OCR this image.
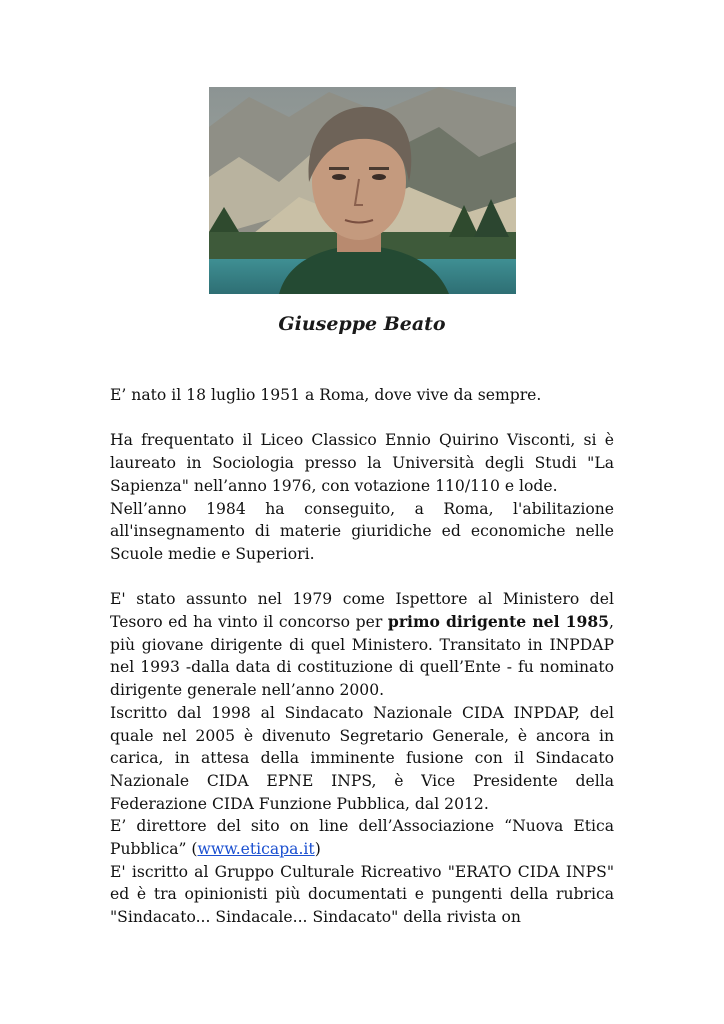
Giuseppe Beato

E’ nato il 18 luglio 1951 a Roma, dove vive da sempre.

Ha frequentato il Liceo Classico Ennio Quirino Visconti, si è laureato in Sociologia presso la Università degli Studi "La Sapienza" nell’anno 1976, con votazione 110/110 e lode.

Nell’anno 1984 ha conseguito, a Roma, l'abilitazione all'insegnamento di materie giuridiche ed economiche nelle Scuole medie e Superiori.

E' stato assunto nel 1979 come Ispettore al Ministero del Tesoro ed ha vinto il concorso per primo dirigente nel 1985, più giovane dirigente di quel Ministero. Transitato in INPDAP nel 1993 -dalla data di costituzione di quell’Ente - fu nominato dirigente generale nell’anno 2000.

Iscritto dal 1998 al Sindacato Nazionale CIDA INPDAP, del quale nel 2005 è divenuto Segretario Generale, è ancora in carica, in attesa della imminente fusione con il Sindacato Nazionale CIDA EPNE INPS, è Vice Presidente della Federazione CIDA Funzione Pubblica, dal 2012.

E’ direttore del sito on line dell’Associazione “Nuova Etica Pubblica” (www.eticapa.it)

E' iscritto al Gruppo Culturale Ricreativo "ERATO CIDA INPS" ed è tra opinionisti più documentati e pungenti della rubrica "Sindacato... Sindacale... Sindacato" della rivista on
